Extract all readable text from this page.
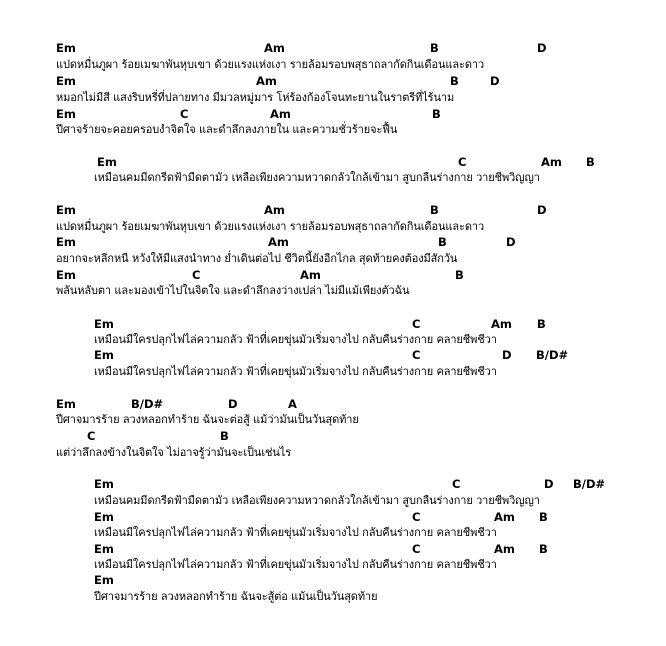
Em	Am	B	D
แปดหมื่นภูผา ร้อยเมฆาพันหุบเขา ด้วยแรงแห่งเงา รายล้อมรอบพสุธาถลากัดกินเดือนและดาว
Em	Am	B	D
หมอกไม่มีสี แสงริบหรี่ที่ปลายทาง มีมวลหมู่มาร โห่ร้องก้องโจนทะยานในราตรีที่ไร้นาม
Em	C	Am	B
ปีศาจร้ายจะคอยครอบงำจิตใจ และดำลึกลงภายใน และความชั่วร้ายจะฟื้น
Em	C	Am B
เหมือนคมมีดกรีดฟ้ามืดตามัว เหลือเพียงความหวาดกลัวใกล้เข้ามา สูบกลืนร่างกาย วายชีพวิญญา
Em	Am	B	D
แปดหมื่นภูผา ร้อยเมฆาพันหุบเขา ด้วยแรงแห่งเงา รายล้อมรอบพสุธาถลากัดกินเดือนและดาว
Em	Am	B	D
อยากจะหลีกหนี หวังให้มีแสงนำทาง ย่ำเดินต่อไป ชีวิตนี้ยังอีกไกล สุดท้ายคงต้องมีสักวัน
Em	C	Am	B
พลันหลับตา และมองเข้าไปในจิตใจ และดำลึกลงว่างเปล่า ไม่มีแม้เพียงตัวฉัน
Em	C	Am B
เหมือนมีใครปลุกไฟไล่ความกลัว ฟ้าที่เคยขุ่นมัวเริ่มจางไป กลับคืนร่างกาย คลายชีพชีวา
Em	C	D B/D#
เหมือนมีใครปลุกไฟไล่ความกลัว ฟ้าที่เคยขุ่นมัวเริ่มจางไป กลับคืนร่างกาย คลายชีพชีวา
Em	B/D#	D	A
ปีศาจมารร้าย ลวงหลอกทำร้าย ฉันจะต่อสู้ แม้ว่ามันเป็นวันสุดท้าย
C	B
แต่ว่าลึกลงข้างในจิตใจ ไม่อาจรู้ว่ามันจะเป็นเช่นไร
Em	C	D B/D#
เหมือนคมมีดกรีดฟ้ามืดตามัว เหลือเพียงความหวาดกลัวใกล้เข้ามา สูบกลืนร่างกาย วายชีพวิญญา
Em	C	Am B
เหมือนมีใครปลุกไฟไล่ความกลัว ฟ้าที่เคยขุ่นมัวเริ่มจางไป กลับคืนร่างกาย คลายชีพชีวา
Em	C	Am B
เหมือนมีใครปลุกไฟไล่ความกลัว ฟ้าที่เคยขุ่นมัวเริ่มจางไป กลับคืนร่างกาย คลายชีพชีวา
Em
ปีศาจมารร้าย ลวงหลอกทำร้าย ฉันจะสู้ต่อ แม้นเป็นวันสุดท้าย
